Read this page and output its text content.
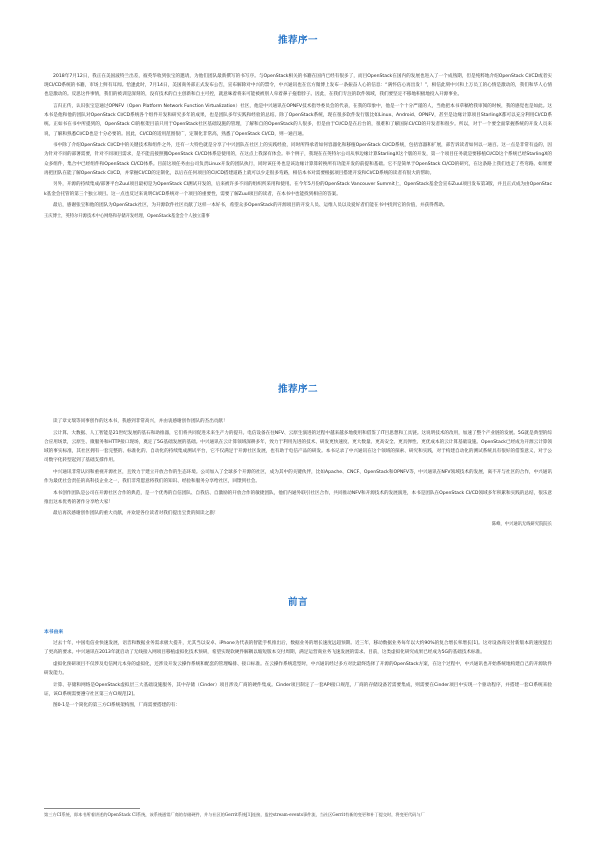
推荐序一

2018年7月12日，我正在美国波特兰出差，彼英华收到张宝的邀请，为他们团队最新撰写的书写序。与OpenStack相关的书籍在国内已经有很多了，而目OpenStack在国内的发展也进入了一个成熟期，但是纯粹地介绍OpenStack CI/CD或者实现CI/CD系统的书籍，市场上鲜有耳闻。恰逢此时，7月14日，美国商务部正式发布公告，宣布解除对中兴的禁令，中兴通讯也在官方微博上发布一条振奋人心的信息：“满怀信心再出发！”，相信此刻中兴和上万员工的心情是激动的，我们和华人心情也是激动的。反思这件事情，我们的被训是深刻的，没有技术的自主创新和自主可控，就意味着将来可能被被别人牵着鼻子拖着脖子。因此，在我们专注的软件领域，我们要坚定不移地积极地投入开源事业。

言归正传，认识张宝是通过OPNFV（Open Platform Network Function Virtualization）社区，他是中兴通讯在OPNFV技术指导委员会的代表，在我的印象中，他是一个十分严谨的人，当他把本书草稿给我审阅的时候，我的感觉也是如此。这本书是他和他的团队对OpenStack CI/CD系统各个组件开发和研究多年的成果，也是团队多年实践和经验的总结。除了OpenStack系统，现在很多软件发行版比如Linux、Android、OPNFV，甚至是边缘计算项目StarlingX都可以充分利用CI/CD系统。正如书在书中所提到的，OpenStack CI的框架目前只用于OpenStack社区基础设施的管理，了解和自的OpenStack的人很多，但是由于CI/CD是在后台的，很难和了解国际CI/CD的开发者和很少。所以，对于一个要全面掌握系统的开发人员来说，了解和熟悉CI/CD也是十分必要的。因此，CI/CD的适用范围很广，定制化非常高，熟悉了OpenStack CI/CD，则一通百通。

书中除了介绍OpenStack CI/CD中的关键技术和组件之外，还有一大特色就是分享了中兴团队在社区上的实践经验，同时所得承者如何容器化和移植OpenStack CI/CD系统，包括容器和扩展，部告诉读者如何以一通百。这一点是非常有益的，因为针对不同的部署需要，针对不同项目需求，是不能直接照搬OpenStack CI/CD体系是使用的，在这点上我深有体会。举个例子，我现在在英特尔公司从事边缘计算StarlingX这个版的开发，第一个项目任务就是要移植CI/CD这个系统已经StarlingX的众多组件，集合中已经组件和OpenStack CI/CD体系。目前这项任务由公司负责Linux开发的团队执行，同时该任务也是该边缘计算算转换所有功能开发的前提和基础。它不是简单于OpenStack CI/CD的研究，在这条路上我们也走了些弯路。如果要再把团队在能了解OpenStack CI/CD，并掌握CI/CD的定制化，以后在任何项目的CI/CD搭建道路上就可以少走很多弯路，相信本书对需要根据项目搭建开发和CI/CD系统的读者有很大的帮助。

另外，开源的持续集成/部署平台Zuul项目最初是为OpenStack CI测试开发的，后来被许多不同的组织所采用和使用。在今年5月份的OpenStack Vancouver Summit上，OpenStack基金会宣布Zuul项目发布第3版，并且正式成为由OpenStack基金会托管的第三个独立项目。这一点也反过来说明CI/CD系统对一个项目的重要性，需要了解Zuul项目的读者，在本书中也能找到相应的答案。

最后，感谢张宝和他的团队为OpenStack社区，为开源软件社区贡献了这样一本好书，希望众多OpenStack的开源项目的开发人员、运维人员以及爱好者们能在书中找到它的价值，并获得帮助。

王庆博士，英特尔开源技术中心网络和存储开发经理，OpenStack基金会个人独立董事

推荐序二

读了章文瑞等同事创作的这本书，我感到非常高兴，并由衷感谢创作团队的杰出贡献！

云计算、大数据、人工智能是21世纪发展的基石和助推器，它们将共同促进未来生产力的提升。电信设备在往NFV、云原生演进的过程中越来越多地使用和借鉴了IT目思想和工具链。这说明技术的改用，加速了整个产业链的发展。5G就是典型的综合应用场景，云原生、微服务和HTTP接口现场，奠定了5G基础发展的基础。中兴通讯在云计算领域深耕多年，致力于利用先进的技术、研发更快速度、更大数量、更高安全、更具弹性、更优成本的云计算基础设施。OpenStack已经成为开源云计算领域的事实标准，其社区拥有一套完整的、标准化的、自动化的持续集成测试平台，它不仅满足于开源社区发展，也有助于电信产品的研发。本书记录了中兴通讯在这个领域的探索、研究和实践，对于构建自动化的测试系统具有很好的借鉴意义，对于公司数字化转型起到了基础支撑作用。

中兴通讯非常认同和重视开源社区，且致力于建立开放合作的生态环境。公司加入了全球多个开源的社区，成为其中的关键伙伴，比如Apache、CNCF、OpenStack和OPNFV等，中兴通讯在NFV领域技术的发展，离不开与社区的合作，中兴通讯作为最优社会责任的高科技企业之一，我们非常愿意将我们的知识、经验和服务分享给社区，回馈到社会。

本书创作团队是公司在开源社区合作的典范，是一个优秀的自信团队、自我信、自激励的开放合作的敏捷团队，他们内通外联引社区合作，共同推动NFV和开源技术的发展演进，本书是团队在OpenStack CI/CD领域多年积累和实践的总结，很乐意推出这本优秀的著作分享给大家！

最后再次感谢创作团队的重大贡献，并欢迎各位读者对我们提出宝贵的阅读之旅！

陈峰，中兴通讯无线研究院院长

前言

本书由来

过去十年，中国电信业快速发展，语音和数据业务需求极大提升，尤其当以安卓、iPhone为代表的智能手机推出后，数据业务的增长速度远超预期。近三年，移动数据业务每年以大约90%的复合增长率增长[1]。这对设备商交付新版本的速度提出了更高的要求。中兴通讯在2013年就启动了无线接入网项目移植虚拟化技术预研，希望实现软硬件解耦以缩短版本交付周期，满足运营商业务飞速发展的需求。目前，这类虚拟化研究成果已经成为5G的基础技术标准。

虚拟化预研项目不仅涉及电信网元本身的虚拟化，还涉及开发云操作系统和配套的管理编排、接口标准。在云操作系统选型时，中兴通讯经过多方对比最终选择了开源的OpenStack方案，在这个过程中，中兴通讯也开始系统地构建自己的开源软件研发能力。

计算、存储和网络是OpenStack虚拟层三大基础设施服务，其中存储（Cinder）项目涉及广商的硬件集成。Cinder项目制定了一套API接口规范，厂商的存储设备若需要集成，则需要在Cinder项目中实现一个驱动程序，并搭建一套CI系统来验证，该CI系统需要遵守社区第三方CI规范[2]。

图0-1是一个简化的第三方CI系统架构图，厂商需要搭建的有：

第三方CI系统，即本书所着讲述的OpenStack CI系统，该系统通常厂商的存储硬件，并与社区的Gerrit系统[1]连接，监控stream-events事件流，当社区Gerrit有新的变更和补丁提交时，将变更代码与厂
